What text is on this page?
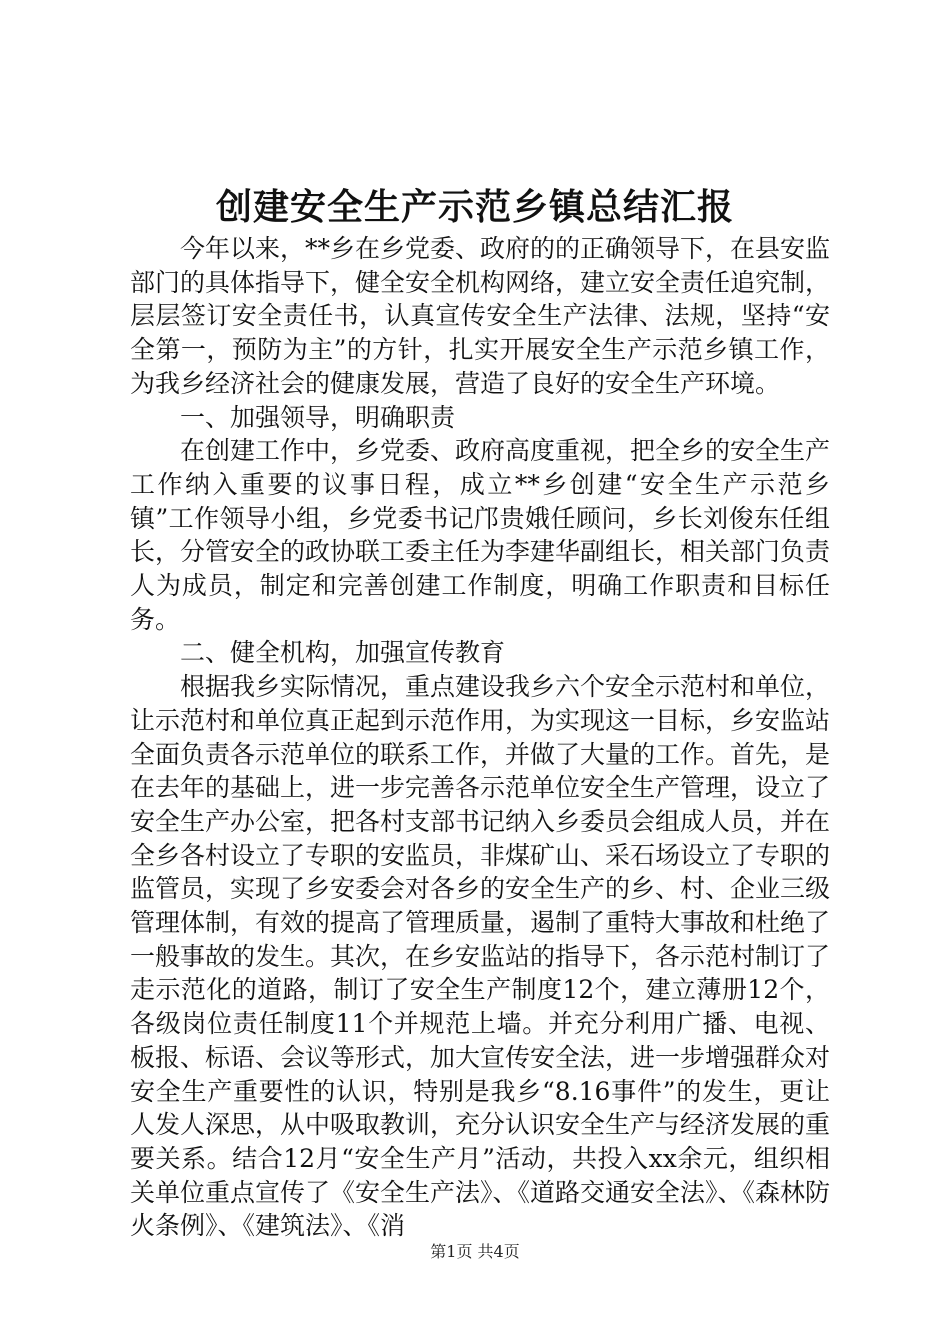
创建安全生产示范乡镇总结汇报

今年以来，**乡在乡党委、政府的的正确领导下，在县安监部门的具体指导下，健全安全机构网络，建立安全责任追究制，层层签订安全责任书，认真宣传安全生产法律、法规，坚持“安全第一，预防为主”的方针，扎实开展安全生产示范乡镇工作，为我乡经济社会的健康发展，营造了良好的安全生产环境。

一、加强领导，明确职责

在创建工作中，乡党委、政府高度重视，把全乡的安全生产工作纳入重要的议事日程，成立**乡创建“安全生产示范乡镇”工作领导小组，乡党委书记邝贵娥任顾问，乡长刘俊东任组长，分管安全的政协联工委主任为李建华副组长，相关部门负责人为成员，制定和完善创建工作制度，明确工作职责和目标任务。

二、健全机构，加强宣传教育

根据我乡实际情况，重点建设我乡六个安全示范村和单位，让示范村和单位真正起到示范作用，为实现这一目标，乡安监站全面负责各示范单位的联系工作，并做了大量的工作。首先，是在去年的基础上，进一步完善各示范单位安全生产管理，设立了安全生产办公室，把各村支部书记纳入乡委员会组成人员，并在全乡各村设立了专职的安监员，非煤矿山、采石场设立了专职的监管员，实现了乡安委会对各乡的安全生产的乡、村、企业三级管理体制，有效的提高了管理质量，遏制了重特大事故和杜绝了一般事故的发生。其次，在乡安监站的指导下，各示范村制订了走示范化的道路，制订了安全生产制度12个，建立薄册12个，各级岗位责任制度11个并规范上墙。并充分利用广播、电视、板报、标语、会议等形式，加大宣传安全法，进一步增强群众对安全生产重要性的认识，特别是我乡“8.16事件”的发生，更让人发人深思，从中吸取教训，充分认识安全生产与经济发展的重要关系。结合12月“安全生产月”活动，共投入xx余元，组织相关单位重点宣传了《安全生产法》、《道路交通安全法》、《森林防火条例》、《建筑法》、《消

第1页 共4页
